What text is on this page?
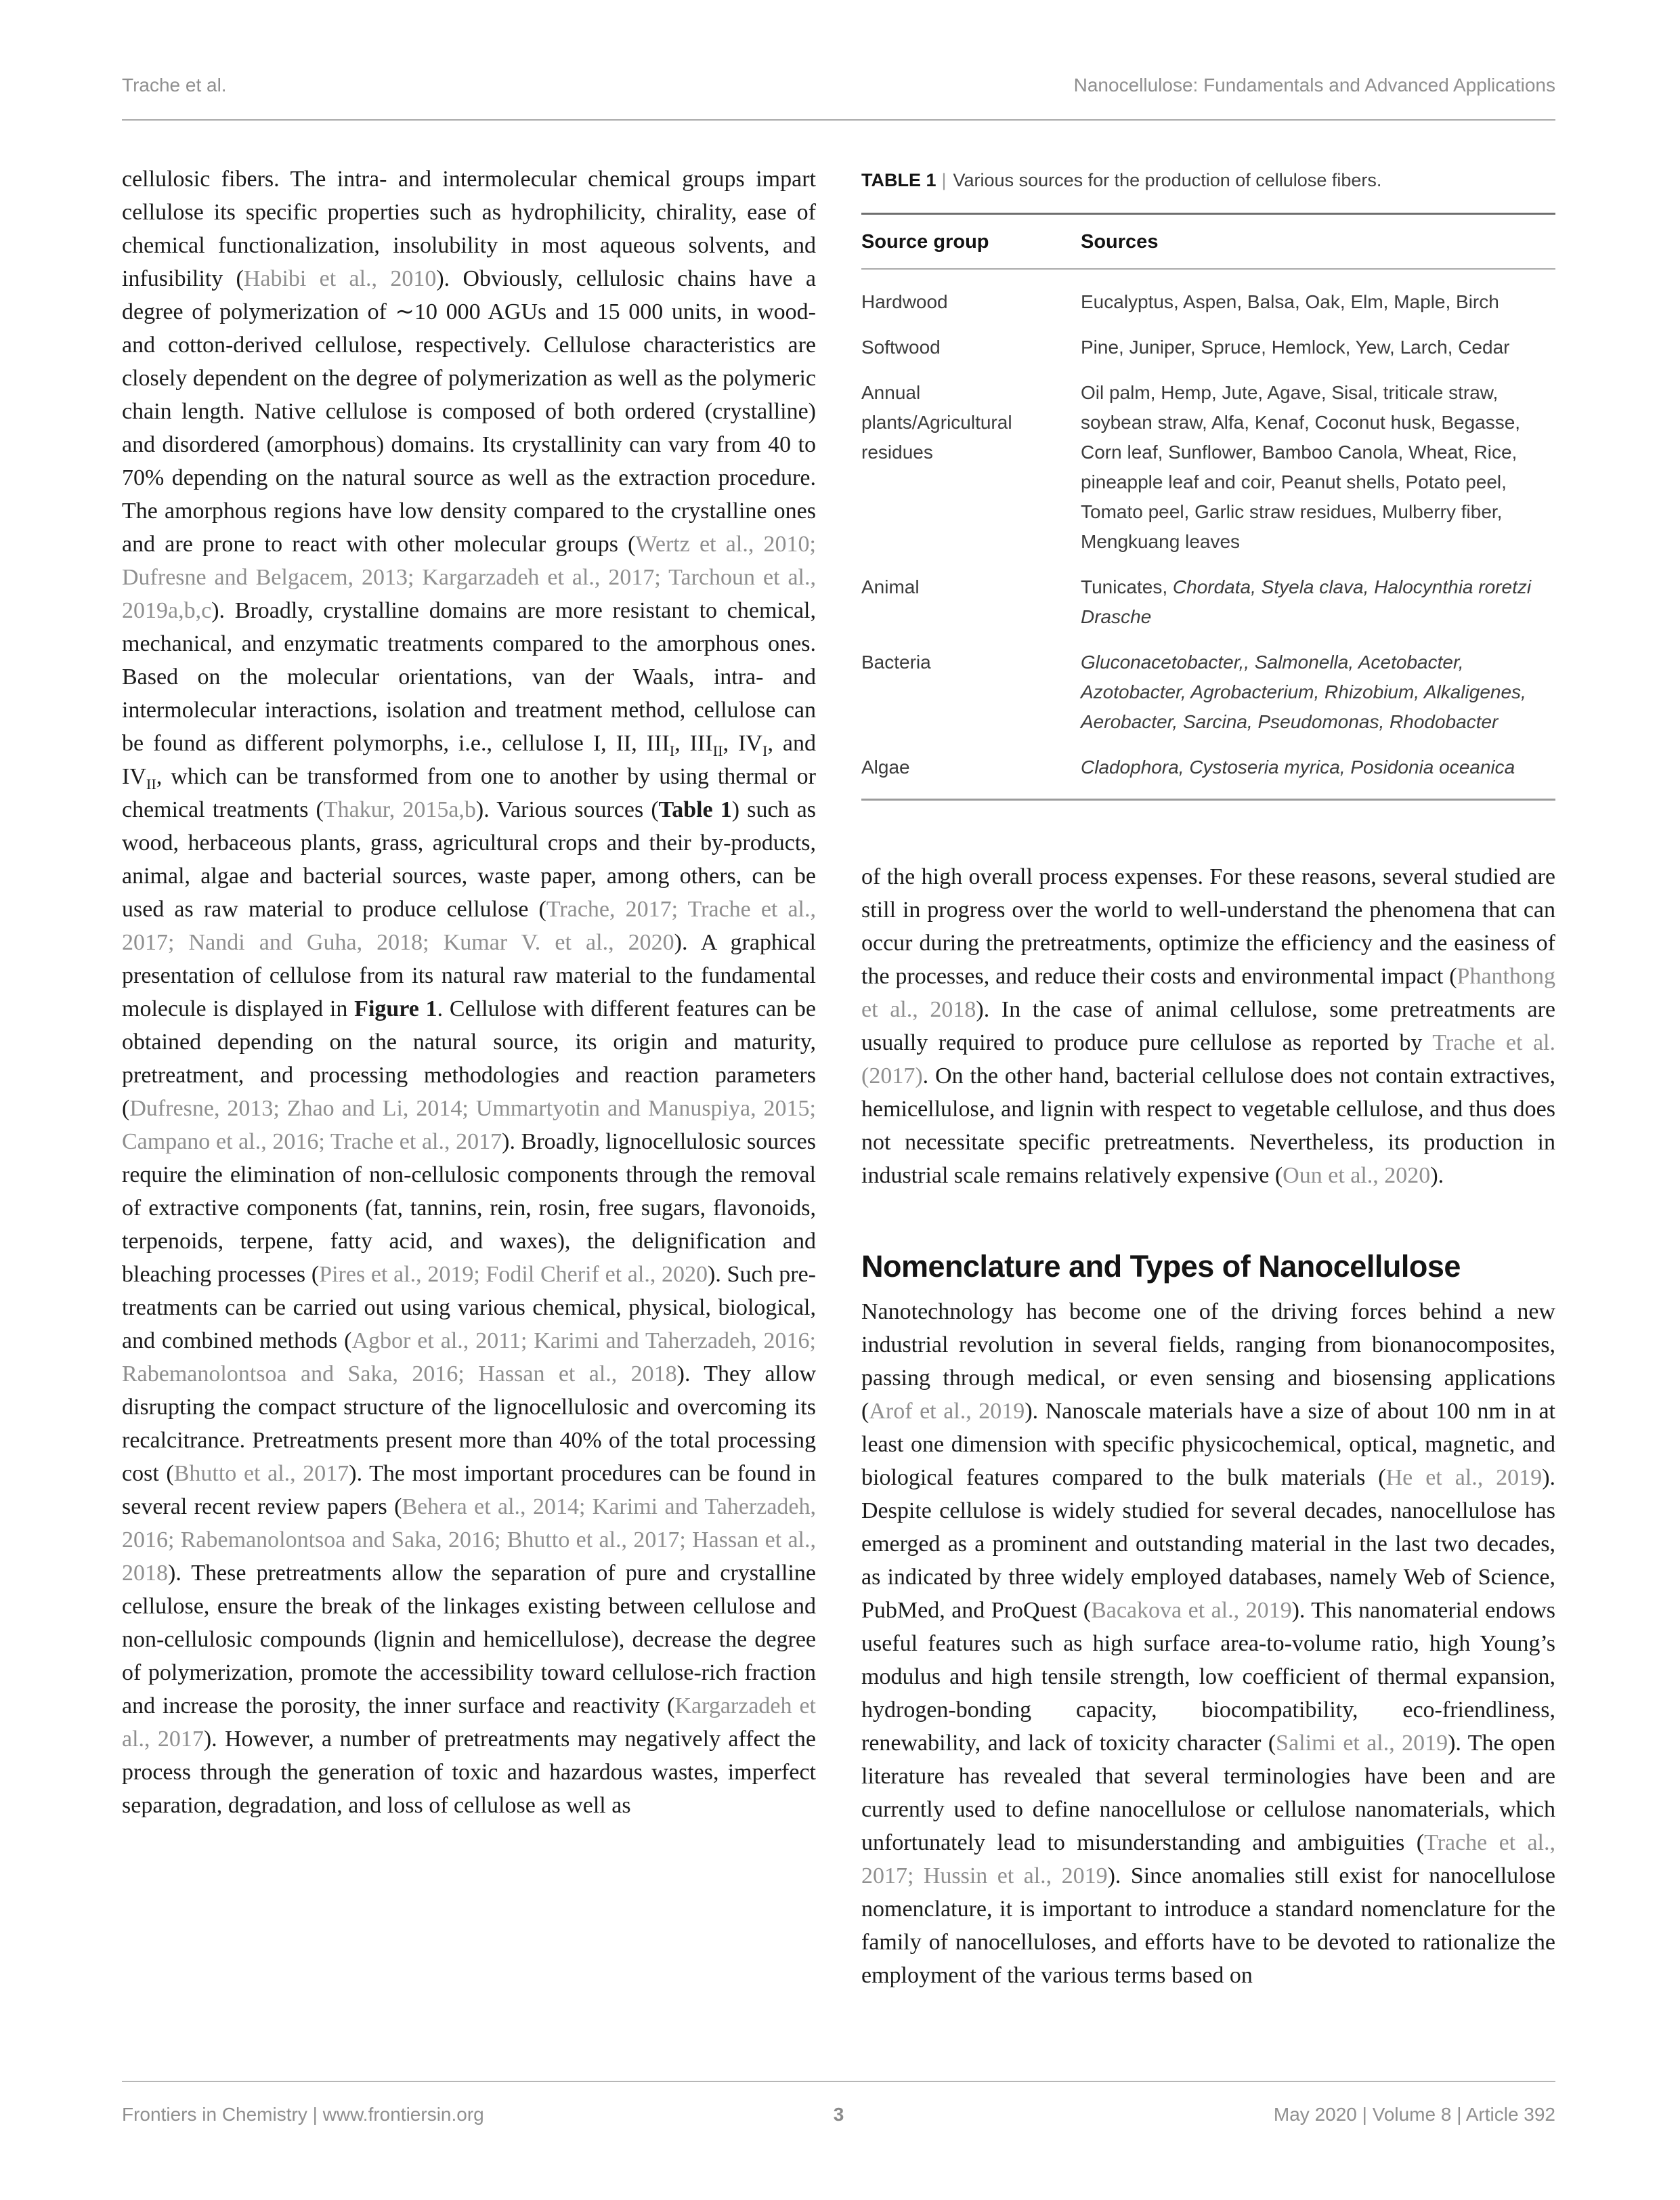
Trache et al.	Nanocellulose: Fundamentals and Advanced Applications

cellulosic fibers. The intra- and intermolecular chemical groups impart cellulose its specific properties such as hydrophilicity, chirality, ease of chemical functionalization, insolubility in most aqueous solvents, and infusibility (Habibi et al., 2010). Obviously, cellulosic chains have a degree of polymerization of ∼10 000 AGUs and 15 000 units, in wood- and cotton-derived cellulose, respectively. Cellulose characteristics are closely dependent on the degree of polymerization as well as the polymeric chain length. Native cellulose is composed of both ordered (crystalline) and disordered (amorphous) domains. Its crystallinity can vary from 40 to 70% depending on the natural source as well as the extraction procedure. The amorphous regions have low density compared to the crystalline ones and are prone to react with other molecular groups (Wertz et al., 2010; Dufresne and Belgacem, 2013; Kargarzadeh et al., 2017; Tarchoun et al., 2019a,b,c). Broadly, crystalline domains are more resistant to chemical, mechanical, and enzymatic treatments compared to the amorphous ones. Based on the molecular orientations, van der Waals, intra- and intermolecular interactions, isolation and treatment method, cellulose can be found as different polymorphs, i.e., cellulose I, II, $III_I$, $III_{II}$, $IV_I$, and $IV_{II}$, which can be transformed from one to another by using thermal or chemical treatments (Thakur, 2015a,b). Various sources (Table 1) such as wood, herbaceous plants, grass, agricultural crops and their by-products, animal, algae and bacterial sources, waste paper, among others, can be used as raw material to produce cellulose (Trache, 2017; Trache et al., 2017; Nandi and Guha, 2018; Kumar V. et al., 2020). A graphical presentation of cellulose from its natural raw material to the fundamental molecule is displayed in Figure 1. Cellulose with different features can be obtained depending on the natural source, its origin and maturity, pretreatment, and processing methodologies and reaction parameters (Dufresne, 2013; Zhao and Li, 2014; Ummartyotin and Manuspiya, 2015; Campano et al., 2016; Trache et al., 2017). Broadly, lignocellulosic sources require the elimination of non-cellulosic components through the removal of extractive components (fat, tannins, rein, rosin, free sugars, flavonoids, terpenoids, terpene, fatty acid, and waxes), the delignification and bleaching processes (Pires et al., 2019; Fodil Cherif et al., 2020). Such pre-treatments can be carried out using various chemical, physical, biological, and combined methods (Agbor et al., 2011; Karimi and Taherzadeh, 2016; Rabemanolontsoa and Saka, 2016; Hassan et al., 2018). They allow disrupting the compact structure of the lignocellulosic and overcoming its recalcitrance. Pretreatments present more than 40% of the total processing cost (Bhutto et al., 2017). The most important procedures can be found in several recent review papers (Behera et al., 2014; Karimi and Taherzadeh, 2016; Rabemanolontsoa and Saka, 2016; Bhutto et al., 2017; Hassan et al., 2018). These pretreatments allow the separation of pure and crystalline cellulose, ensure the break of the linkages existing between cellulose and non-cellulosic compounds (lignin and hemicellulose), decrease the degree of polymerization, promote the accessibility toward cellulose-rich fraction and increase the porosity, the inner surface and reactivity (Kargarzadeh et al., 2017). However, a number of pretreatments may negatively affect the process through the generation of toxic and hazardous wastes, imperfect separation, degradation, and loss of cellulose as well as

TABLE 1 | Various sources for the production of cellulose fibers.
Source group	Sources
Hardwood	Eucalyptus, Aspen, Balsa, Oak, Elm, Maple, Birch
Softwood	Pine, Juniper, Spruce, Hemlock, Yew, Larch, Cedar
Annual plants/Agricultural residues	Oil palm, Hemp, Jute, Agave, Sisal, triticale straw, soybean straw, Alfa, Kenaf, Coconut husk, Begasse, Corn leaf, Sunflower, Bamboo Canola, Wheat, Rice, pineapple leaf and coir, Peanut shells, Potato peel, Tomato peel, Garlic straw residues, Mulberry fiber, Mengkuang leaves
Animal	Tunicates, Chordata, Styela clava, Halocynthia roretzi Drasche
Bacteria	Gluconacetobacter,, Salmonella, Acetobacter, Azotobacter, Agrobacterium, Rhizobium, Alkaligenes, Aerobacter, Sarcina, Pseudomonas, Rhodobacter
Algae	Cladophora, Cystoseria myrica, Posidonia oceanica

of the high overall process expenses. For these reasons, several studied are still in progress over the world to well-understand the phenomena that can occur during the pretreatments, optimize the efficiency and the easiness of the processes, and reduce their costs and environmental impact (Phanthong et al., 2018). In the case of animal cellulose, some pretreatments are usually required to produce pure cellulose as reported by Trache et al. (2017). On the other hand, bacterial cellulose does not contain extractives, hemicellulose, and lignin with respect to vegetable cellulose, and thus does not necessitate specific pretreatments. Nevertheless, its production in industrial scale remains relatively expensive (Oun et al., 2020).

Nomenclature and Types of Nanocellulose

Nanotechnology has become one of the driving forces behind a new industrial revolution in several fields, ranging from bionanocomposites, passing through medical, or even sensing and biosensing applications (Arof et al., 2019). Nanoscale materials have a size of about 100 nm in at least one dimension with specific physicochemical, optical, magnetic, and biological features compared to the bulk materials (He et al., 2019). Despite cellulose is widely studied for several decades, nanocellulose has emerged as a prominent and outstanding material in the last two decades, as indicated by three widely employed databases, namely Web of Science, PubMed, and ProQuest (Bacakova et al., 2019). This nanomaterial endows useful features such as high surface area-to-volume ratio, high Young’s modulus and high tensile strength, low coefficient of thermal expansion, hydrogen-bonding capacity, biocompatibility, eco-friendliness, renewability, and lack of toxicity character (Salimi et al., 2019). The open literature has revealed that several terminologies have been and are currently used to define nanocellulose or cellulose nanomaterials, which unfortunately lead to misunderstanding and ambiguities (Trache et al., 2017; Hussin et al., 2019). Since anomalies still exist for nanocellulose nomenclature, it is important to introduce a standard nomenclature for the family of nanocelluloses, and efforts have to be devoted to rationalize the employment of the various terms based on

Frontiers in Chemistry | www.frontiersin.org	3	May 2020 | Volume 8 | Article 392
